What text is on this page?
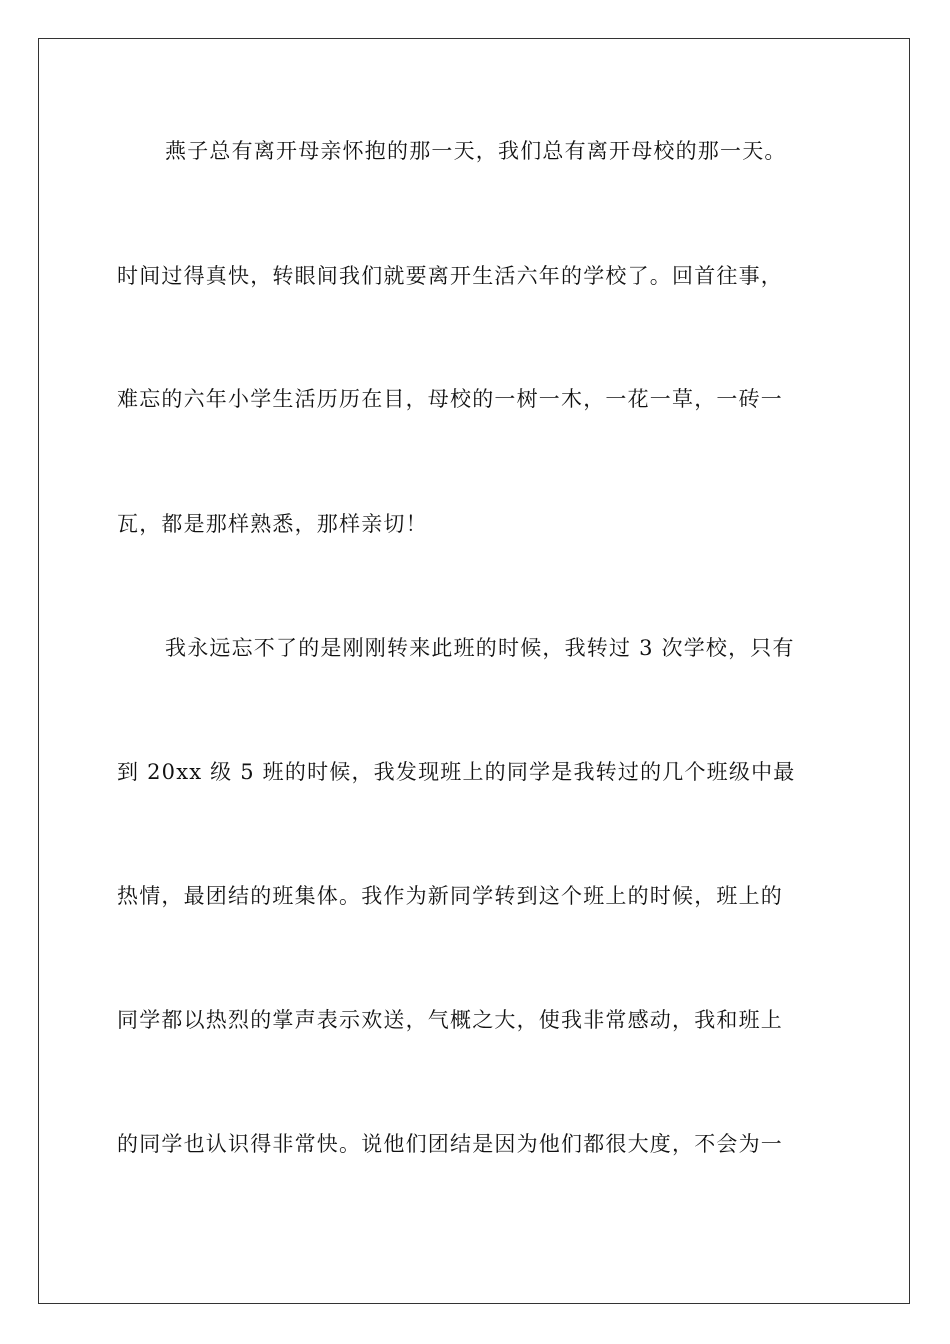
燕子总有离开母亲怀抱的那一天，我们总有离开母校的那一天。
时间过得真快，转眼间我们就要离开生活六年的学校了。回首往事，
难忘的六年小学生活历历在目，母校的一树一木，一花一草，一砖一
瓦，都是那样熟悉，那样亲切！
我永远忘不了的是刚刚转来此班的时候，我转过 3 次学校，只有
到 20xx 级 5 班的时候，我发现班上的同学是我转过的几个班级中最
热情，最团结的班集体。我作为新同学转到这个班上的时候，班上的
同学都以热烈的掌声表示欢送，气概之大，使我非常感动，我和班上
的同学也认识得非常快。说他们团结是因为他们都很大度，不会为一
